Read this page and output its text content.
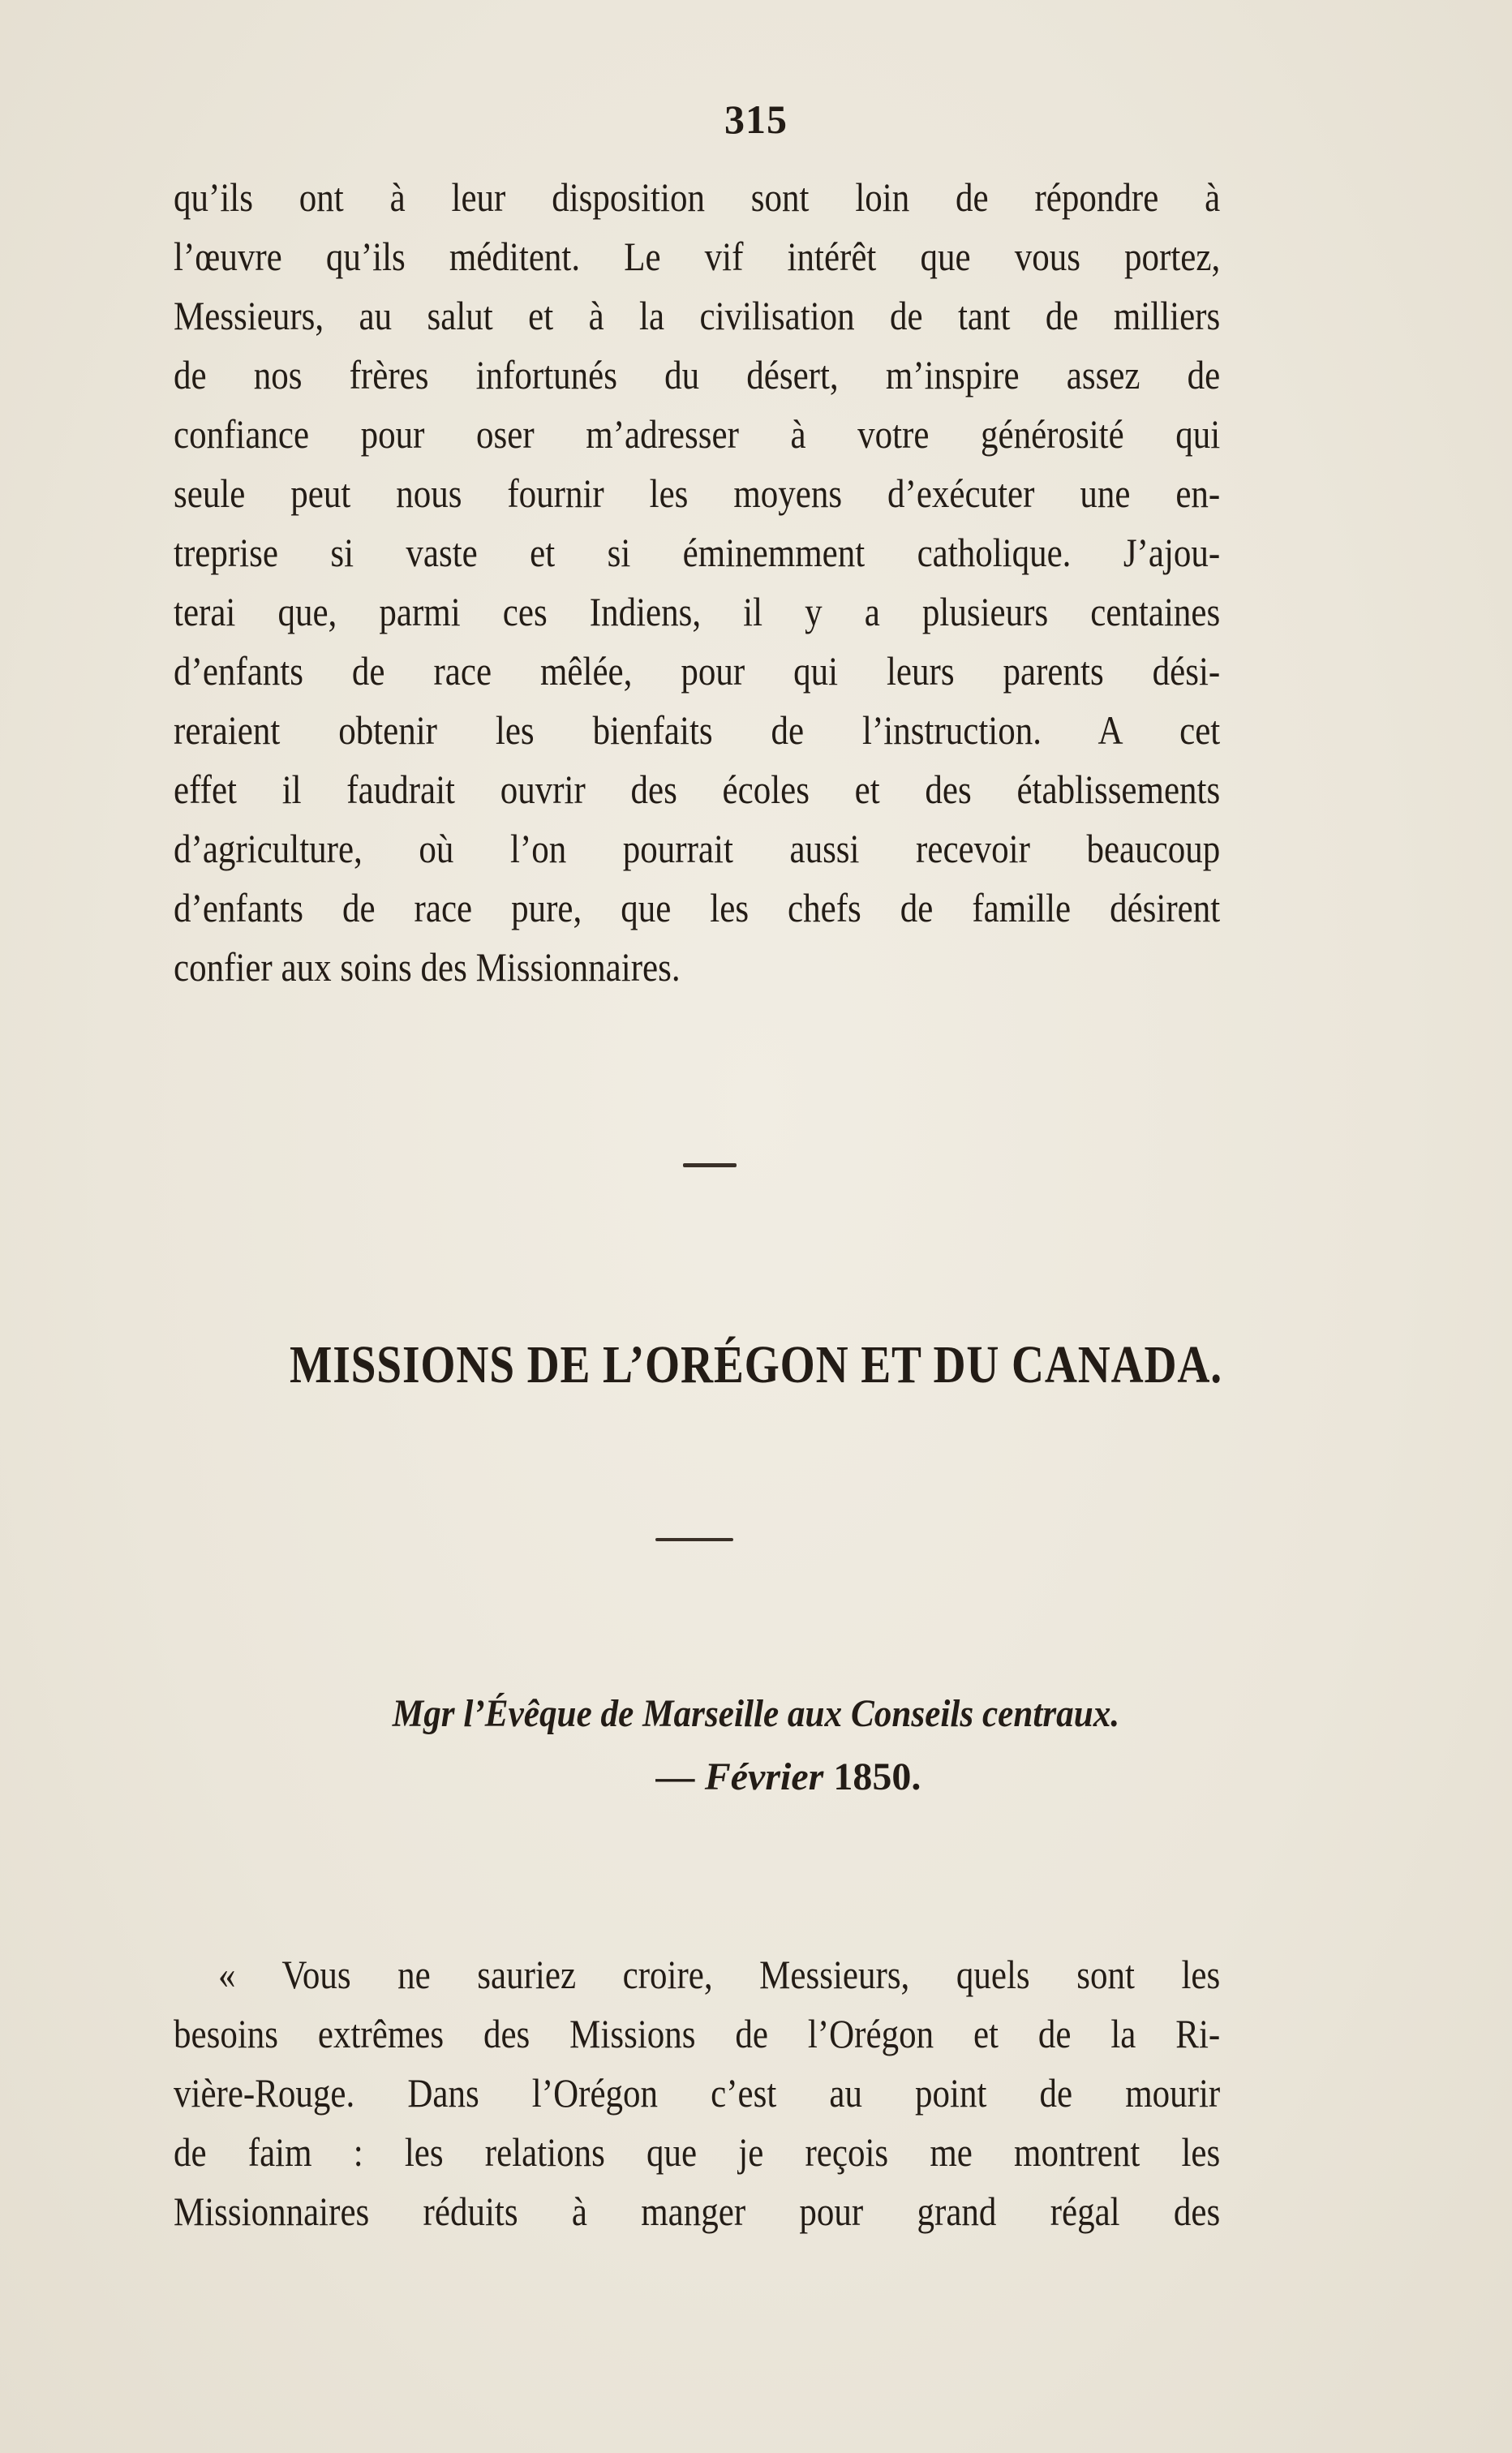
315
qu’ils ont à leur disposition sont loin de répondre à
l’œuvre qu’ils méditent. Le vif intérêt que vous portez,
Messieurs, au salut et à la civilisation de tant de milliers
de nos frères infortunés du désert, m’inspire assez de
confiance pour oser m’adresser à votre générosité qui
seule peut nous fournir les moyens d’exécuter une en-
treprise si vaste et si éminemment catholique. J’ajou-
terai que, parmi ces Indiens, il y a plusieurs centaines
d’enfants de race mêlée, pour qui leurs parents dési-
reraient obtenir les bienfaits de l’instruction. A cet
effet il faudrait ouvrir des écoles et des établissements
d’agriculture, où l’on pourrait aussi recevoir beaucoup
d’enfants de race pure, que les chefs de famille désirent
confier aux soins des Missionnaires.
MISSIONS DE L’ORÉGON ET DU CANADA.
Mgr l’Évêque de Marseille aux Conseils centraux.
— Février 1850.
« Vous ne sauriez croire, Messieurs, quels sont les
besoins extrêmes des Missions de l’Orégon et de la Ri-
vière-Rouge. Dans l’Orégon c’est au point de mourir
de faim : les relations que je reçois me montrent les
Missionnaires réduits à manger pour grand régal des
